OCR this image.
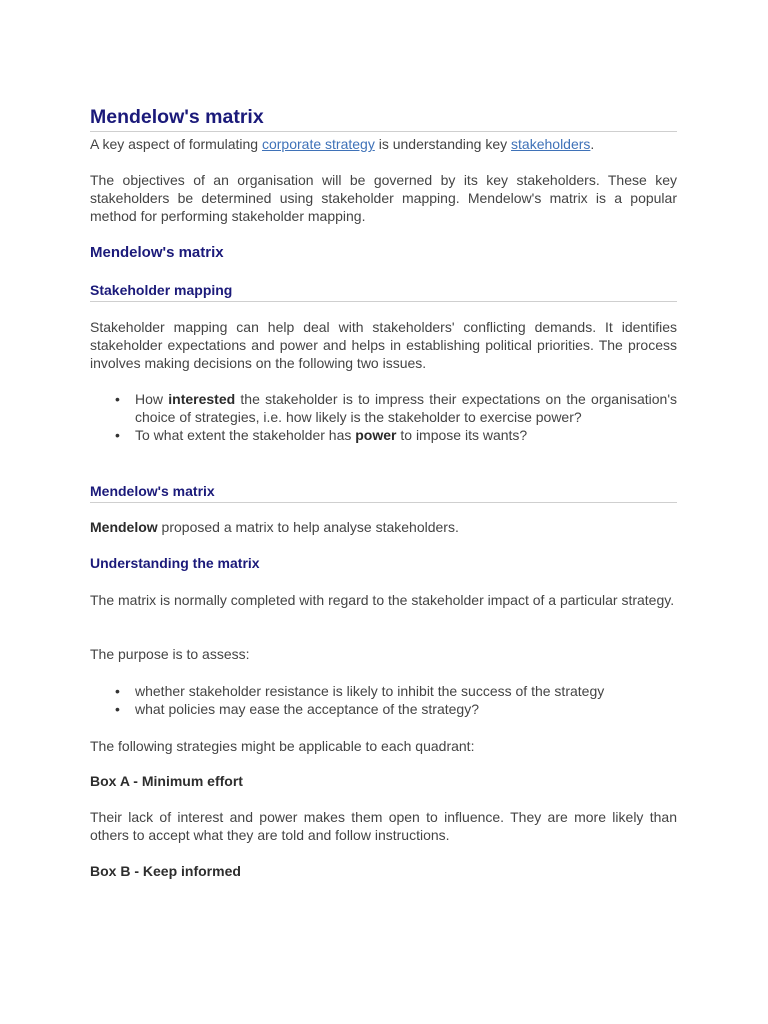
Mendelow's matrix

A key aspect of formulating corporate strategy is understanding key stakeholders.

The objectives of an organisation will be governed by its key stakeholders. These key stakeholders be determined using stakeholder mapping. Mendelow's matrix is a popular method for performing stakeholder mapping.

Mendelow's matrix
Stakeholder mapping

Stakeholder mapping can help deal with stakeholders' conflicting demands. It identifies stakeholder expectations and power and helps in establishing political priorities. The process involves making decisions on the following two issues.

• How interested the stakeholder is to impress their expectations on the organisation's choice of strategies, i.e. how likely is the stakeholder to exercise power?
• To what extent the stakeholder has power to impose its wants?
Mendelow's matrix

Mendelow proposed a matrix to help analyse stakeholders.

Understanding the matrix

The matrix is normally completed with regard to the stakeholder impact of a particular strategy.

The purpose is to assess:

• whether stakeholder resistance is likely to inhibit the success of the strategy
• what policies may ease the acceptance of the strategy?

The following strategies might be applicable to each quadrant:

Box A - Minimum effort

Their lack of interest and power makes them open to influence. They are more likely than others to accept what they are told and follow instructions.

Box B - Keep informed
